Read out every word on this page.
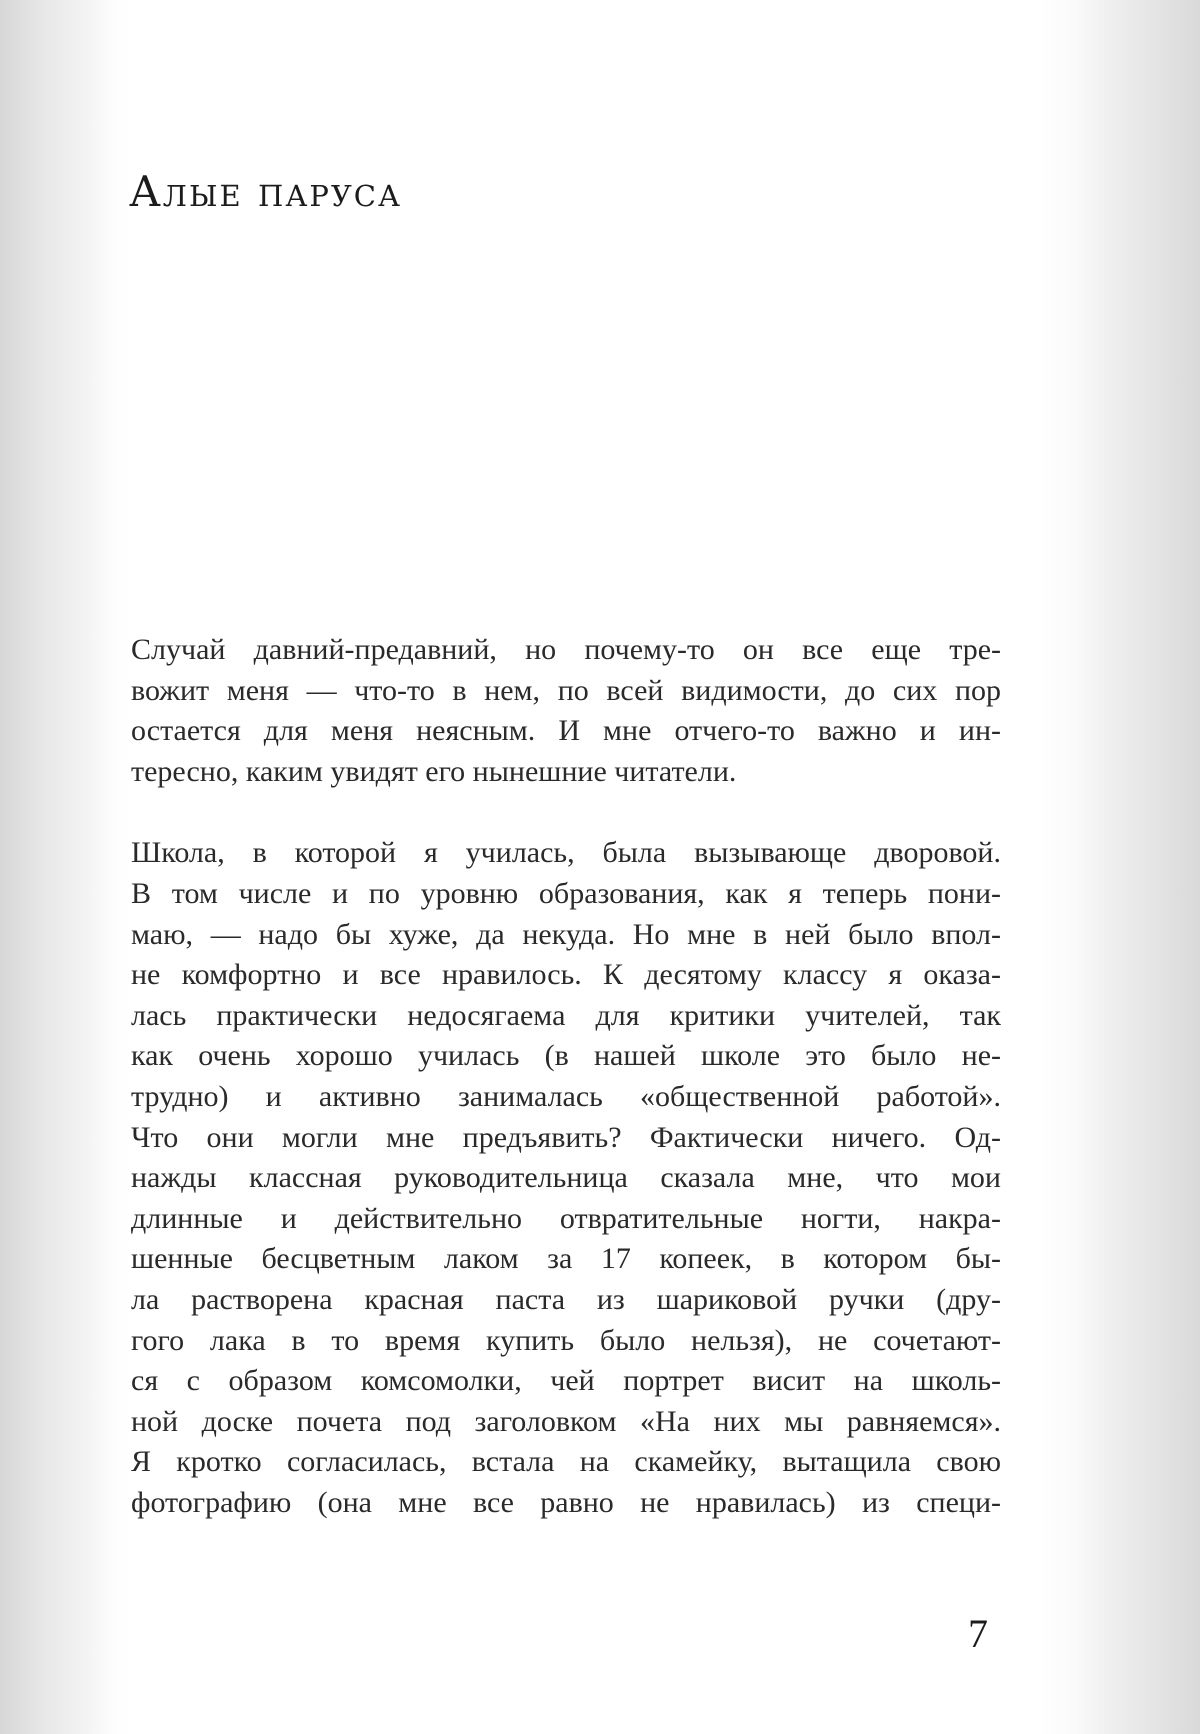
Алые паруса

Случай давний-предавний, но почему-то он все еще тре-
вожит меня — что-то в нем, по всей видимости, до сих пор
остается для меня неясным. И мне отчего-то важно и ин-
тересно, каким увидят его нынешние читатели.

Школа, в которой я училась, была вызывающе дворовой.
В том числе и по уровню образования, как я теперь пони-
маю, — надо бы хуже, да некуда. Но мне в ней было впол-
не комфортно и все нравилось. К десятому классу я оказа-
лась практически недосягаема для критики учителей, так
как очень хорошо училась (в нашей школе это было не-
трудно) и активно занималась «общественной работой».
Что они могли мне предъявить? Фактически ничего. Од-
нажды классная руководительница сказала мне, что мои
длинные и действительно отвратительные ногти, накра-
шенные бесцветным лаком за 17 копеек, в котором бы-
ла растворена красная паста из шариковой ручки (дру-
гого лака в то время купить было нельзя), не сочетают-
ся с образом комсомолки, чей портрет висит на школь-
ной доске почета под заголовком «На них мы равняемся».
Я кротко согласилась, встала на скамейку, вытащила свою
фотографию (она мне все равно не нравилась) из специ-

7
